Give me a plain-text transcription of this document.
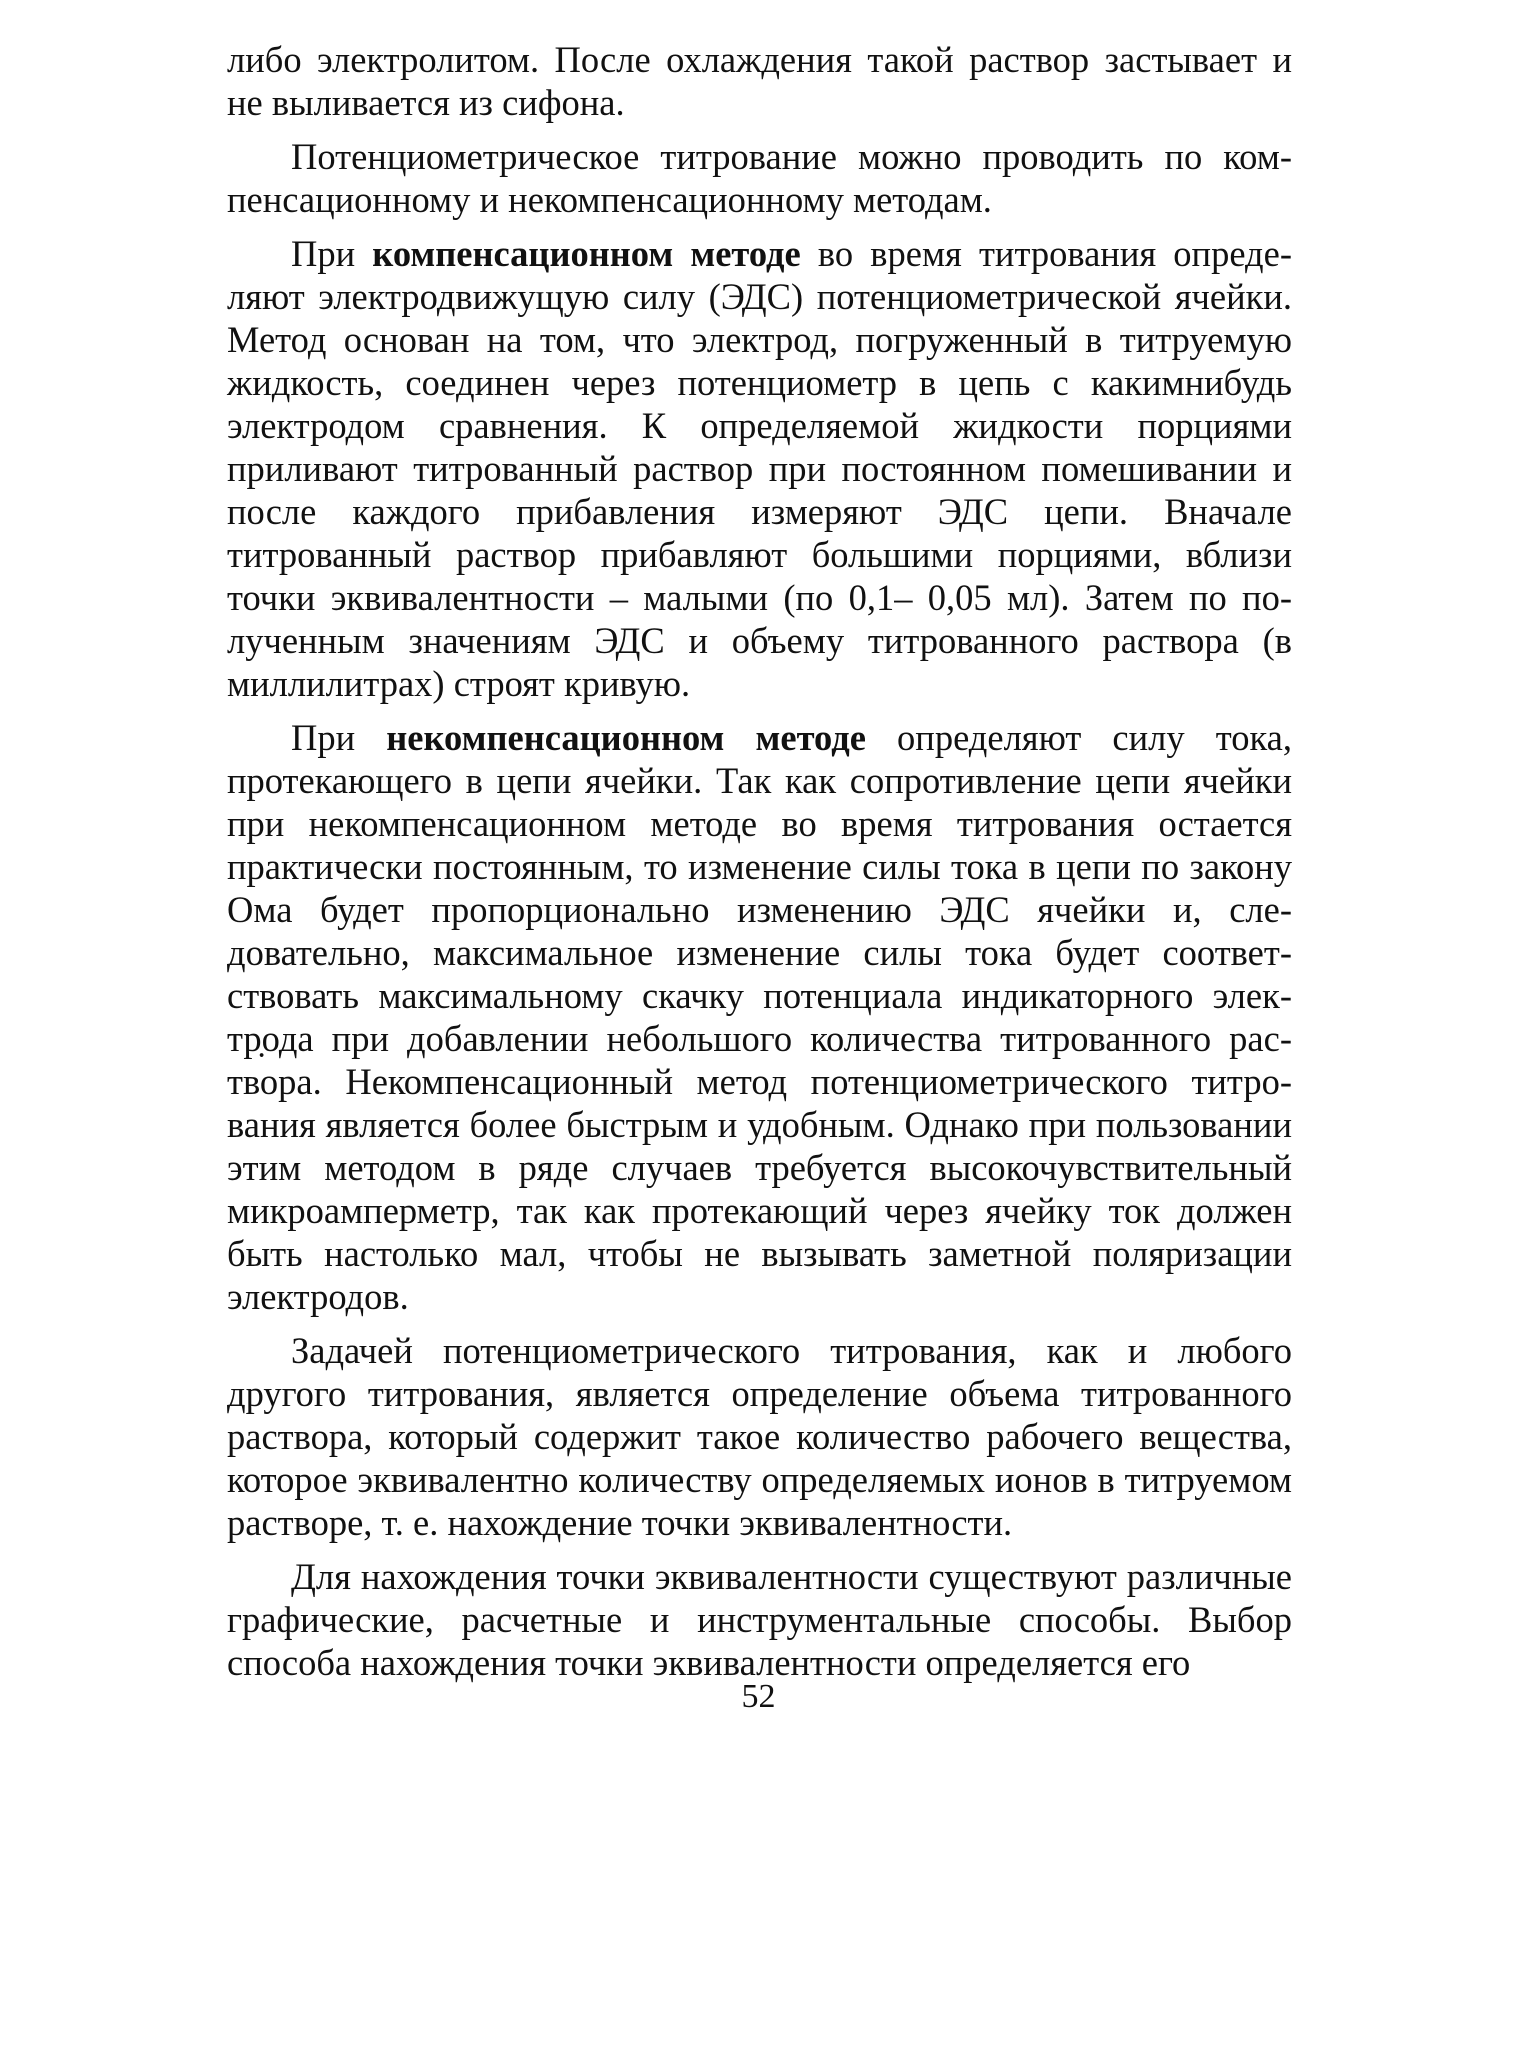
либо электролитом. После охлаждения такой раствор застывает и не выливается из сифона.

Потенциометрическое титрование можно проводить по компенсационному и некомпенсационному методам.

При компенсационном методе во время титрования определяют электродвижущую силу (ЭДС) потенциометрической ячейки. Метод основан на том, что электрод, погруженный в титруемую жидкость, соединен через потенциометр в цепь с какимнибудь электродом сравнения. К определяемой жидкости порциями приливают титрованный раствор при постоянном помешивании и после каждого прибавления измеряют ЭДС цепи. Вначале титрованный раствор прибавляют большими порциями, вблизи точки эквивалентности – малыми (по 0,1– 0,05 мл). Затем по полученным значениям ЭДС и объему титрованного раствора (в миллилитрах) строят кривую.

При некомпенсационном методе определяют силу тока, протекающего в цепи ячейки. Так как сопротивление цепи ячейки при некомпенсационном методе во время титрования остается практически постоянным, то изменение силы тока в цепи по закону Ома будет пропорционально изменению ЭДС ячейки и, следовательно, максимальное изменение силы тока будет соответствовать максимальному скачку потенциала индикаторного электр̣ода при добавлении небольшого количества титрованного раствора. Некомпенсационный метод потенциометрического титрования является более быстрым и удобным. Однако при пользовании этим методом в ряде случаев требуется высокочувствительный микроамперметр, так как протекающий через ячейку ток должен быть настолько мал, чтобы не вызывать заметной поляризации электродов.

Задачей потенциометрического титрования, как и любого другого титрования, является определение объема титрованного раствора, который содержит такое количество рабочего вещества, которое эквивалентно количеству определяемых ионов в титруемом растворе, т. е. нахождение точки эквивалентности.

Для нахождения точки эквивалентности существуют различные графические, расчетные и инструментальные способы. Выбор способа нахождения точки эквивалентности определяется его

52
